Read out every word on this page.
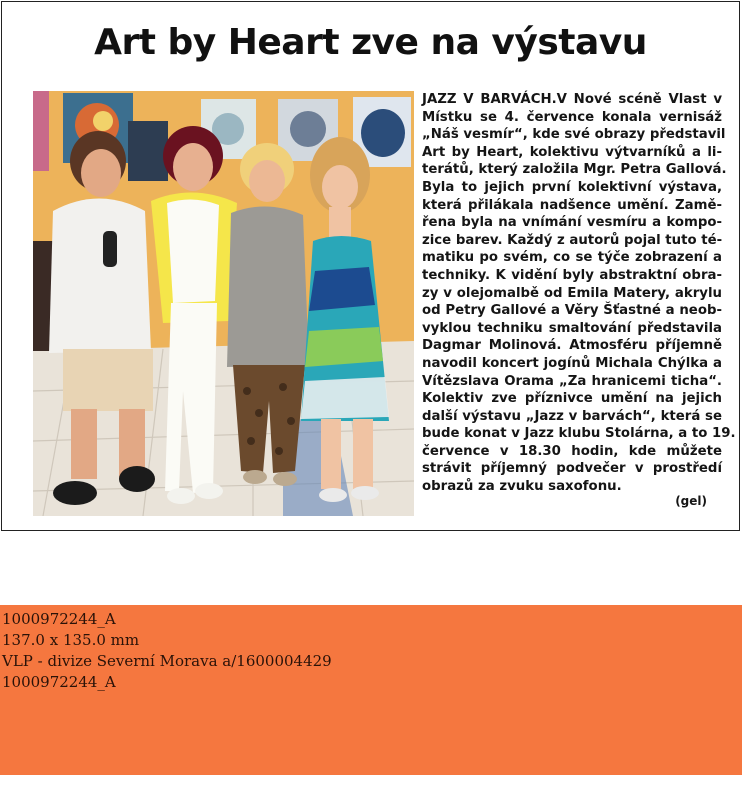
Art by Heart zve na výstavu
JAZZ V BARVÁCH.V Nové scéně Vlast v
Místku se 4. července konala vernisáž
„Náš vesmír“, kde své obrazy představil
Art by Heart, kolektivu výtvarníků a li-
terátů, který založila Mgr. Petra Gallová.
Byla to jejich první kolektivní výstava,
která přilákala nadšence umění. Zamě-
řena byla na vnímání vesmíru a kompo-
zice barev. Každý z autorů pojal tuto té-
matiku po svém, co se týče zobrazení a
techniky. K vidění byly abstraktní obra-
zy v olejomalbě od Emila Matery, akrylu
od Petry Gallové a Věry Šťastné a neob-
vyklou techniku smaltování představila
Dagmar Molinová. Atmosféru příjemně
navodil koncert jogínů Michala Chýlka a
Vítězslava Orama „Za hranicemi ticha“.
Kolektiv zve příznivce umění na jejich
další výstavu „Jazz v barvách“, která se
bude konat v Jazz klubu Stolárna, a to 19.
července v 18.30 hodin, kde můžete
strávit příjemný podvečer v prostředí
obrazů za zvuku saxofonu.
(gel)
1000972244_A
137.0 x 135.0 mm
VLP - divize Severní Morava a/1600004429
1000972244_A
